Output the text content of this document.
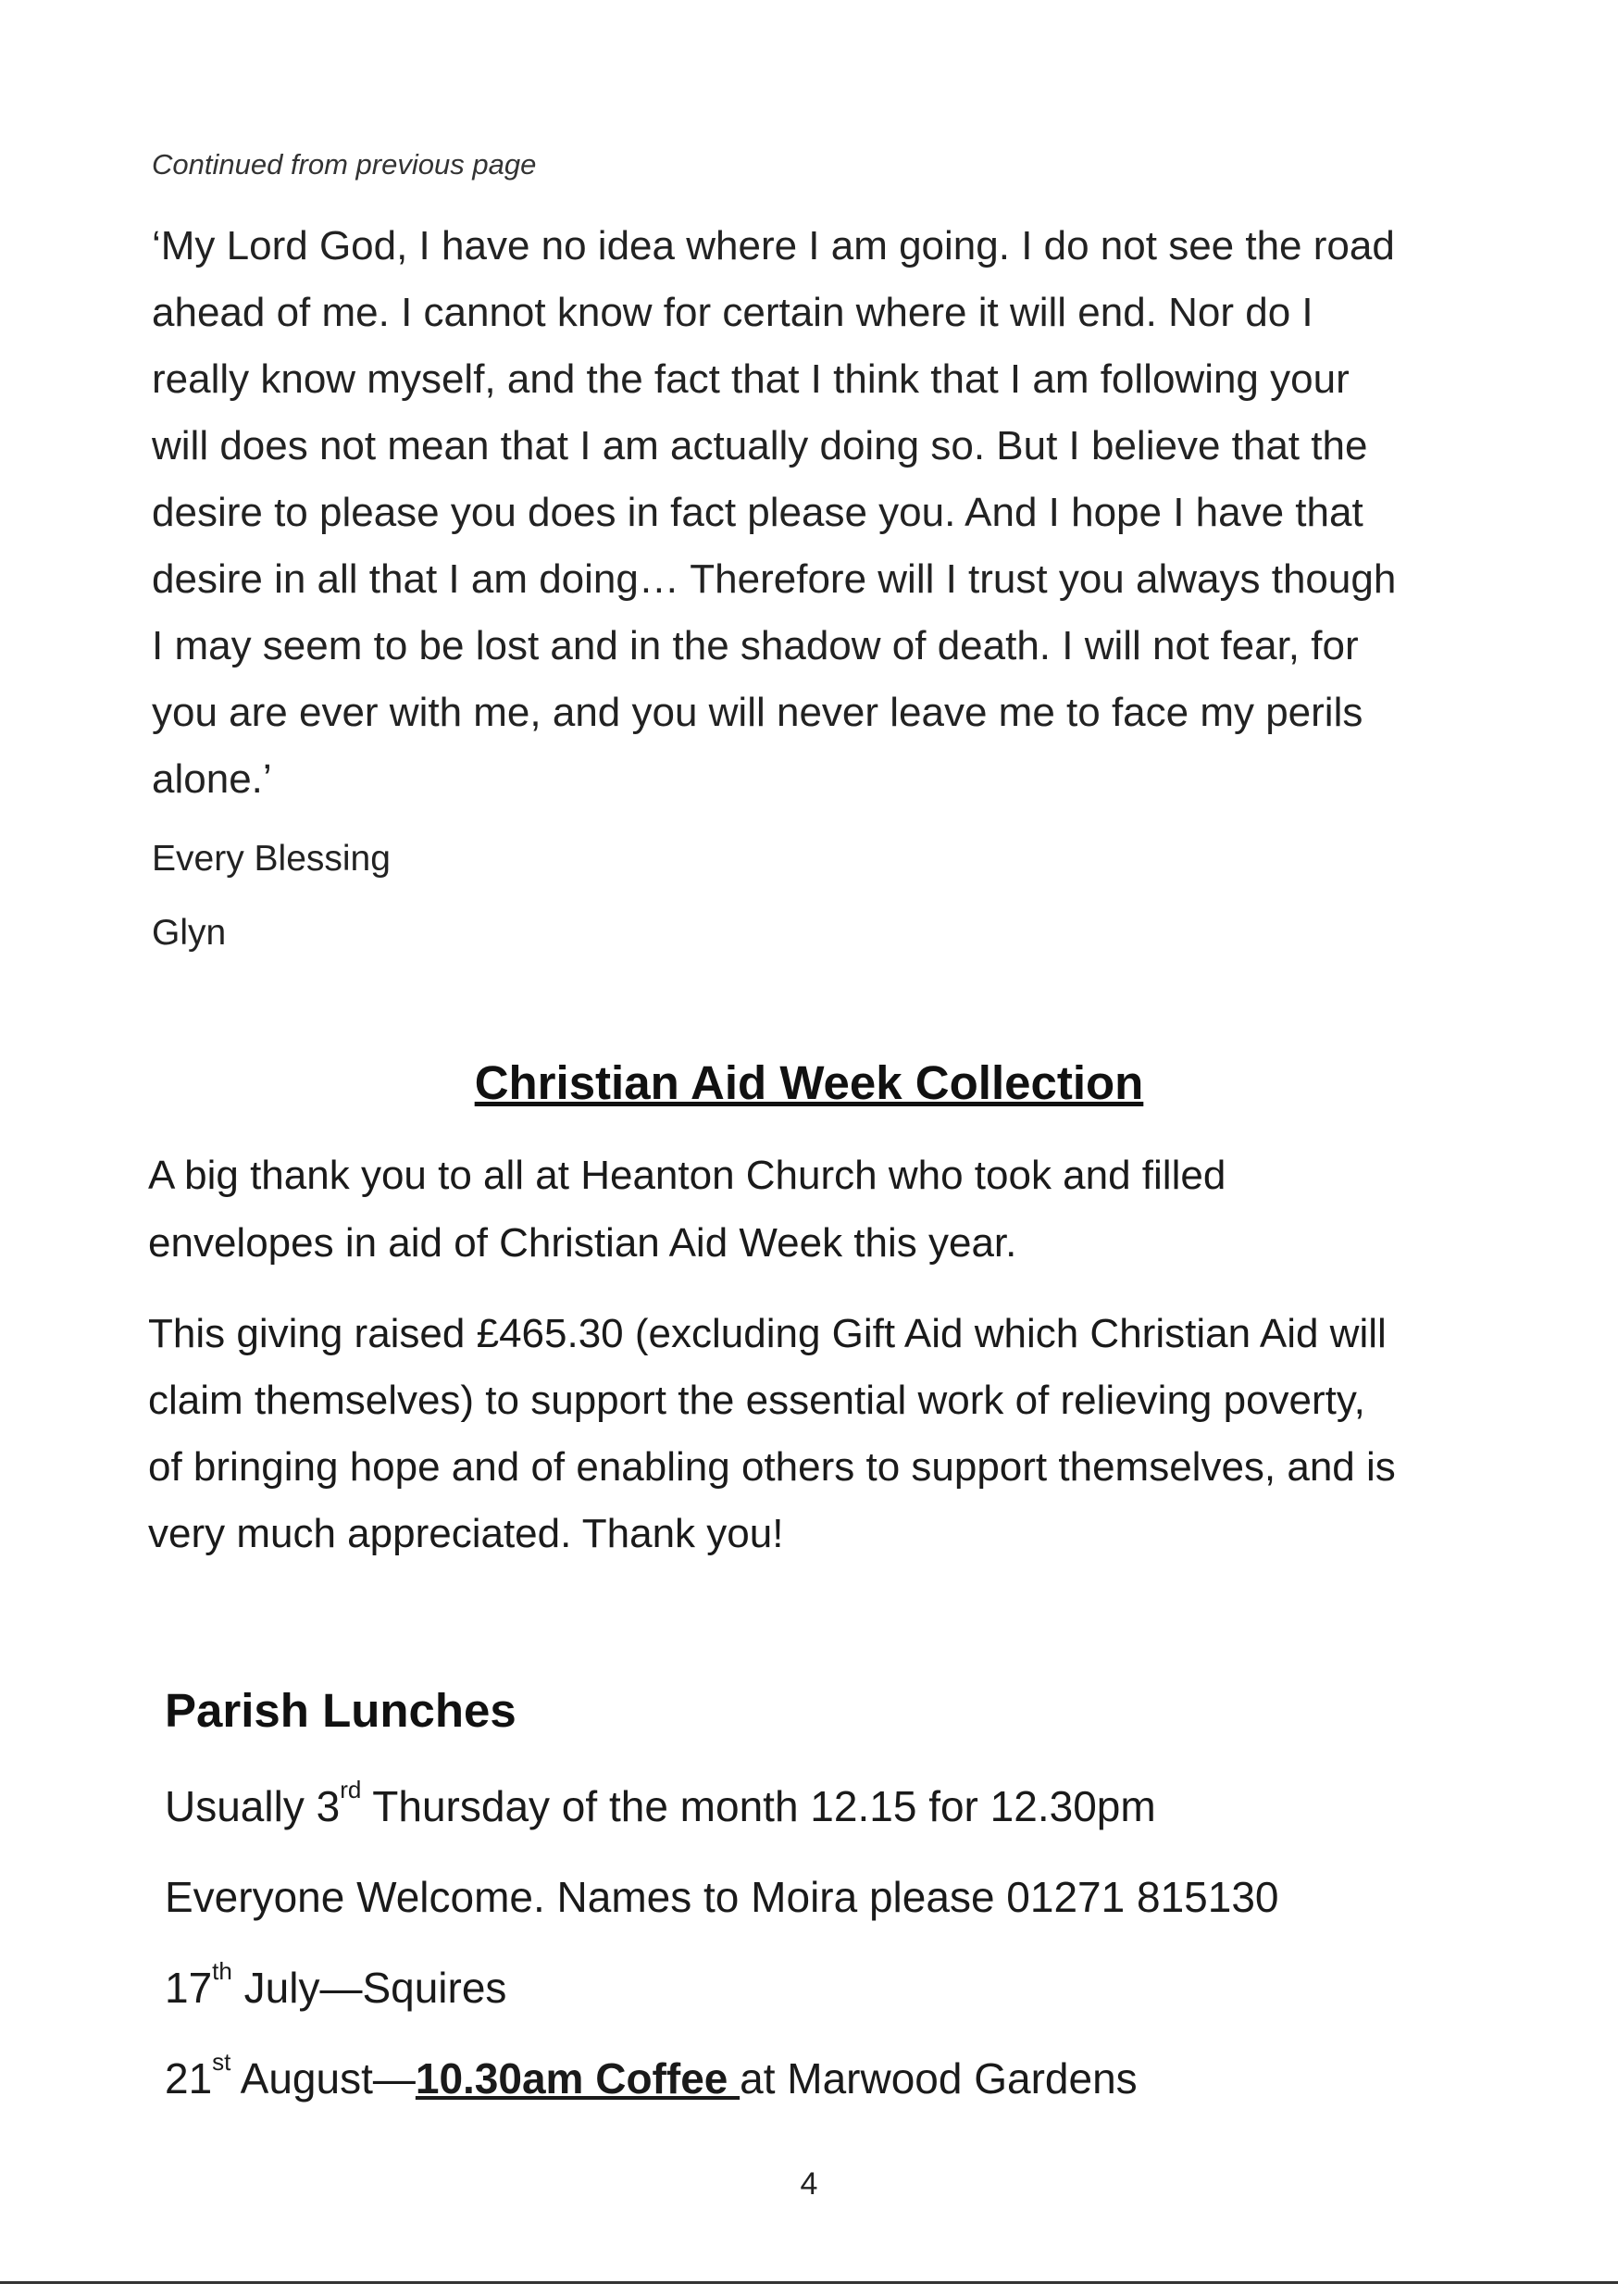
Continued from previous page
‘My Lord God, I have no idea where I am going. I do not see the road
ahead of me. I cannot know for certain where it will end. Nor do I
really know myself, and the fact that I think that I am following your
will does not mean that I am actually doing so. But I believe that the
desire to please you does in fact please you. And I hope I have that
desire in all that I am doing… Therefore will I trust you always though
I may seem to be lost and in the shadow of death. I will not fear, for
you are ever with me, and you will never leave me to face my perils
alone.’
Every Blessing
Glyn
Christian Aid Week Collection
A big thank you to all at Heanton Church who took and filled
envelopes in aid of Christian Aid Week this year.
This giving raised £465.30 (excluding Gift Aid which Christian Aid will
claim themselves) to support the essential work of relieving poverty,
of bringing hope and of enabling others to support themselves, and is
very much appreciated. Thank you!
Parish Lunches
Usually 3rd Thursday of the month 12.15 for 12.30pm
Everyone Welcome. Names to Moira please 01271 815130
17th July—Squires
21st August—10.30am Coffee at Marwood Gardens
4
